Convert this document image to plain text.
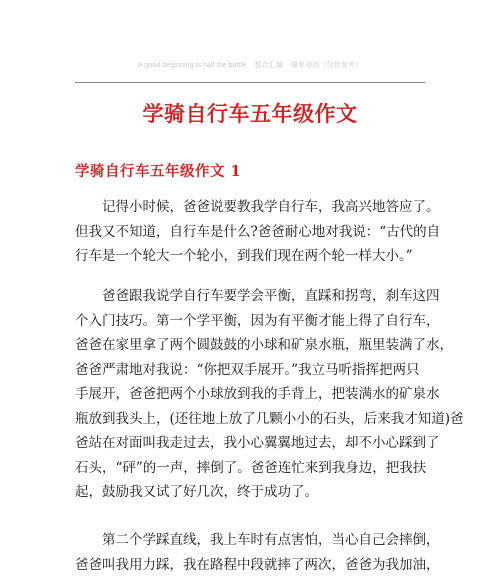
A good beginning is half the battle 整合汇编 简单易用（仅供参考）
学骑自行车五年级作文
学骑自行车五年级作文 1
记得小时候，爸爸说要教我学自行车，我高兴地答应了。
但我又不知道，自行车是什么?爸爸耐心地对我说：“古代的自
行车是一个轮大一个轮小，到我们现在两个轮一样大小。”
爸爸跟我说学自行车要学会平衡，直踩和拐弯，刹车这四
个入门技巧。第一个学平衡，因为有平衡才能上得了自行车，
爸爸在家里拿了两个圆鼓鼓的小球和矿泉水瓶，瓶里装满了水，
爸爸严肃地对我说：“你把双手展开。”我立马听指挥把两只
手展开，爸爸把两个小球放到我的手背上，把装满水的矿泉水
瓶放到我头上，(还往地上放了几颗小小的石头，后来我才知道)爸
爸站在对面叫我走过去，我小心翼翼地过去，却不小心踩到了
石头，“砰”的一声，摔倒了。爸爸连忙来到我身边，把我扶
起，鼓励我又试了好几次，终于成功了。
第二个学踩直线，我上车时有点害怕，当心自己会摔倒，
爸爸叫我用力踩，我在路程中段就摔了两次，爸爸为我加油，
